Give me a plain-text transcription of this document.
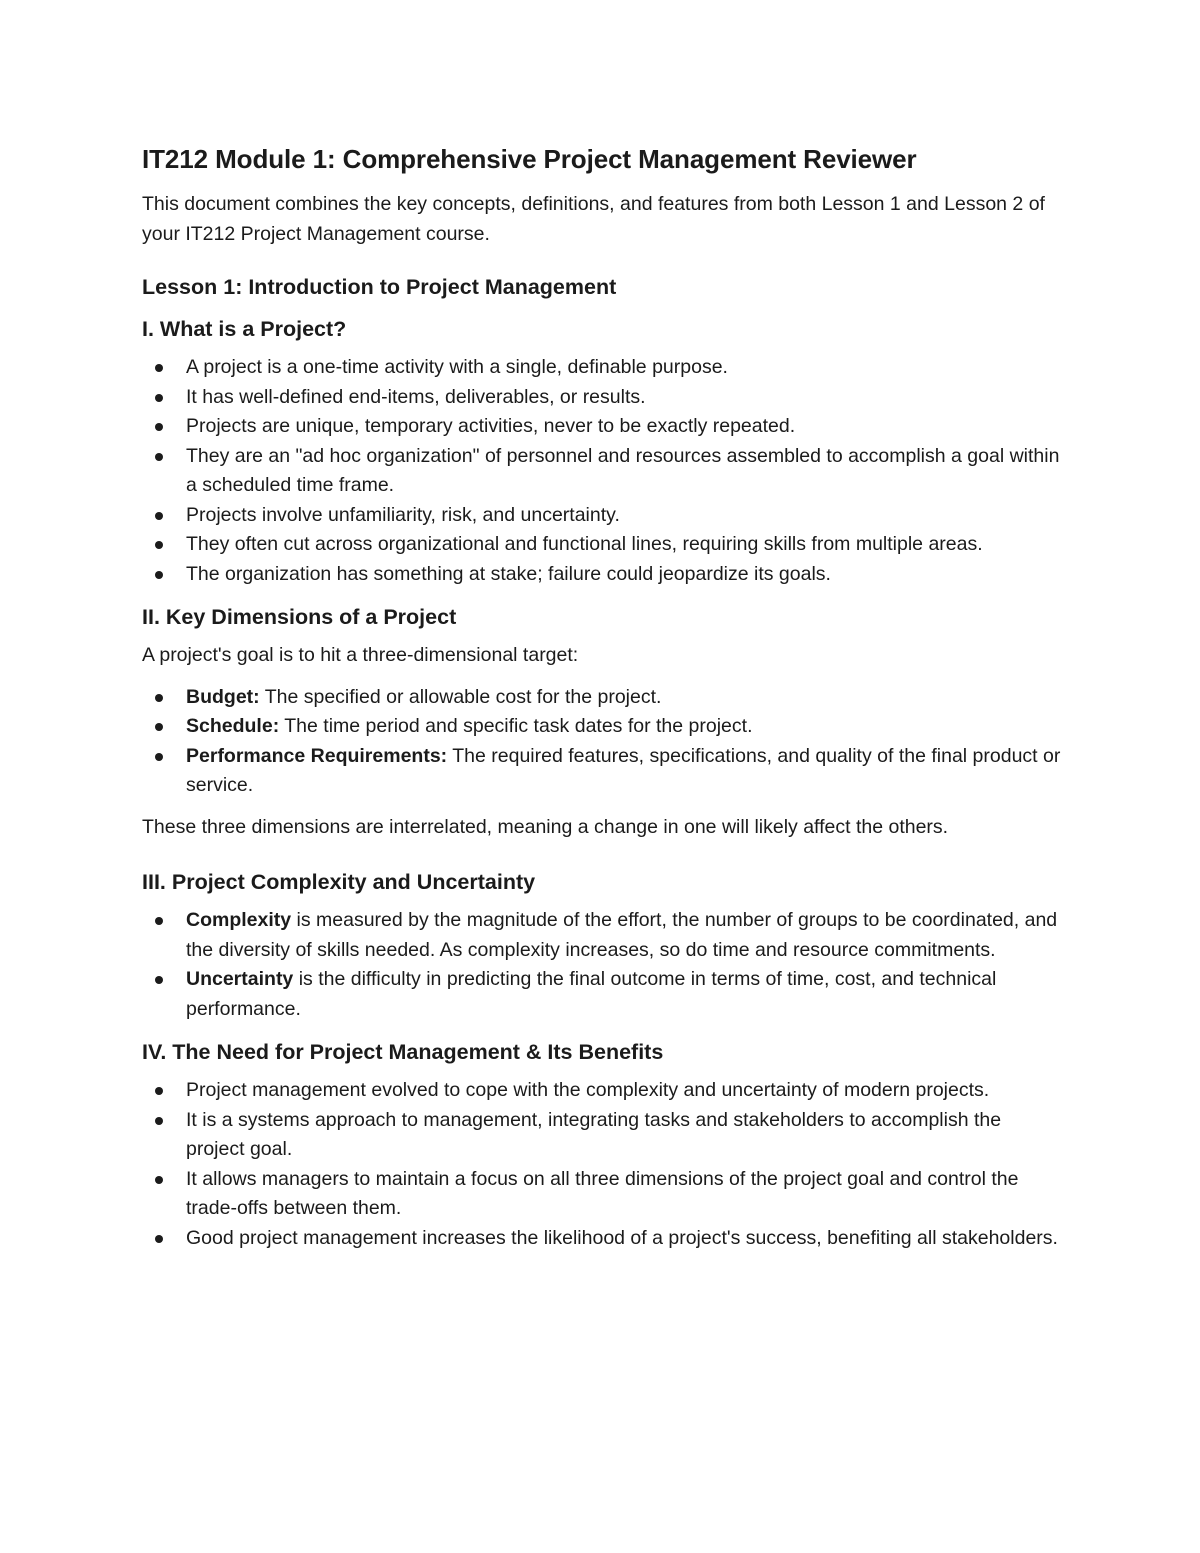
IT212 Module 1: Comprehensive Project Management Reviewer

This document combines the key concepts, definitions, and features from both Lesson 1 and Lesson 2 of your IT212 Project Management course.

Lesson 1: Introduction to Project Management
I. What is a Project?
A project is a one-time activity with a single, definable purpose.
It has well-defined end-items, deliverables, or results.
Projects are unique, temporary activities, never to be exactly repeated.
They are an "ad hoc organization" of personnel and resources assembled to accomplish a goal within a scheduled time frame.
Projects involve unfamiliarity, risk, and uncertainty.
They often cut across organizational and functional lines, requiring skills from multiple areas.
The organization has something at stake; failure could jeopardize its goals.
II. Key Dimensions of a Project

A project's goal is to hit a three-dimensional target:

Budget: The specified or allowable cost for the project.
Schedule: The time period and specific task dates for the project.
Performance Requirements: The required features, specifications, and quality of the final product or service.

These three dimensions are interrelated, meaning a change in one will likely affect the others.

III. Project Complexity and Uncertainty
Complexity is measured by the magnitude of the effort, the number of groups to be coordinated, and the diversity of skills needed. As complexity increases, so do time and resource commitments.
Uncertainty is the difficulty in predicting the final outcome in terms of time, cost, and technical performance.
IV. The Need for Project Management & Its Benefits
Project management evolved to cope with the complexity and uncertainty of modern projects.
It is a systems approach to management, integrating tasks and stakeholders to accomplish the project goal.
It allows managers to maintain a focus on all three dimensions of the project goal and control the trade-offs between them.
Good project management increases the likelihood of a project's success, benefiting all stakeholders.
